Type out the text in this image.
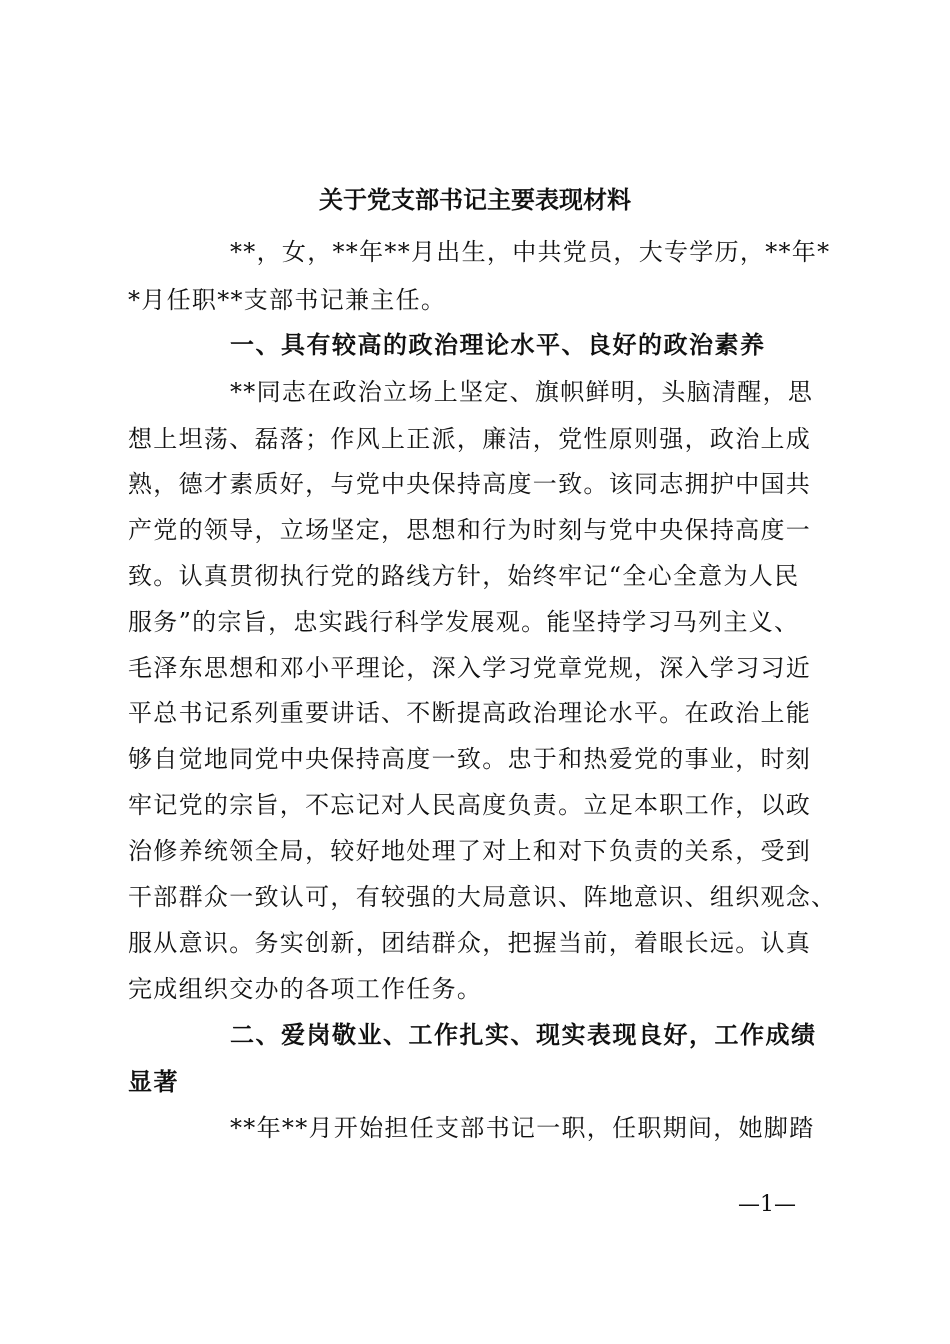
关于党支部书记主要表现材料
**，女，**年**月出生，中共党员，大专学历，**年*
*月任职**支部书记兼主任。
一、具有较高的政治理论水平、良好的政治素养
**同志在政治立场上坚定、旗帜鲜明，头脑清醒，思
想上坦荡、磊落；作风上正派，廉洁，党性原则强，政治上成
熟，德才素质好，与党中央保持高度一致。该同志拥护中国共
产党的领导，立场坚定，思想和行为时刻与党中央保持高度一
致。认真贯彻执行党的路线方针，始终牢记“全心全意为人民
服务”的宗旨，忠实践行科学发展观。能坚持学习马列主义、
毛泽东思想和邓小平理论，深入学习党章党规，深入学习习近
平总书记系列重要讲话、不断提高政治理论水平。在政治上能
够自觉地同党中央保持高度一致。忠于和热爱党的事业，时刻
牢记党的宗旨，不忘记对人民高度负责。立足本职工作，以政
治修养统领全局，较好地处理了对上和对下负责的关系，受到
干部群众一致认可，有较强的大局意识、阵地意识、组织观念、
服从意识。务实创新，团结群众，把握当前，着眼长远。认真
完成组织交办的各项工作任务。
二、爱岗敬业、工作扎实、现实表现良好，工作成绩
显著
**年**月开始担任支部书记一职，任职期间，她脚踏
—1—
